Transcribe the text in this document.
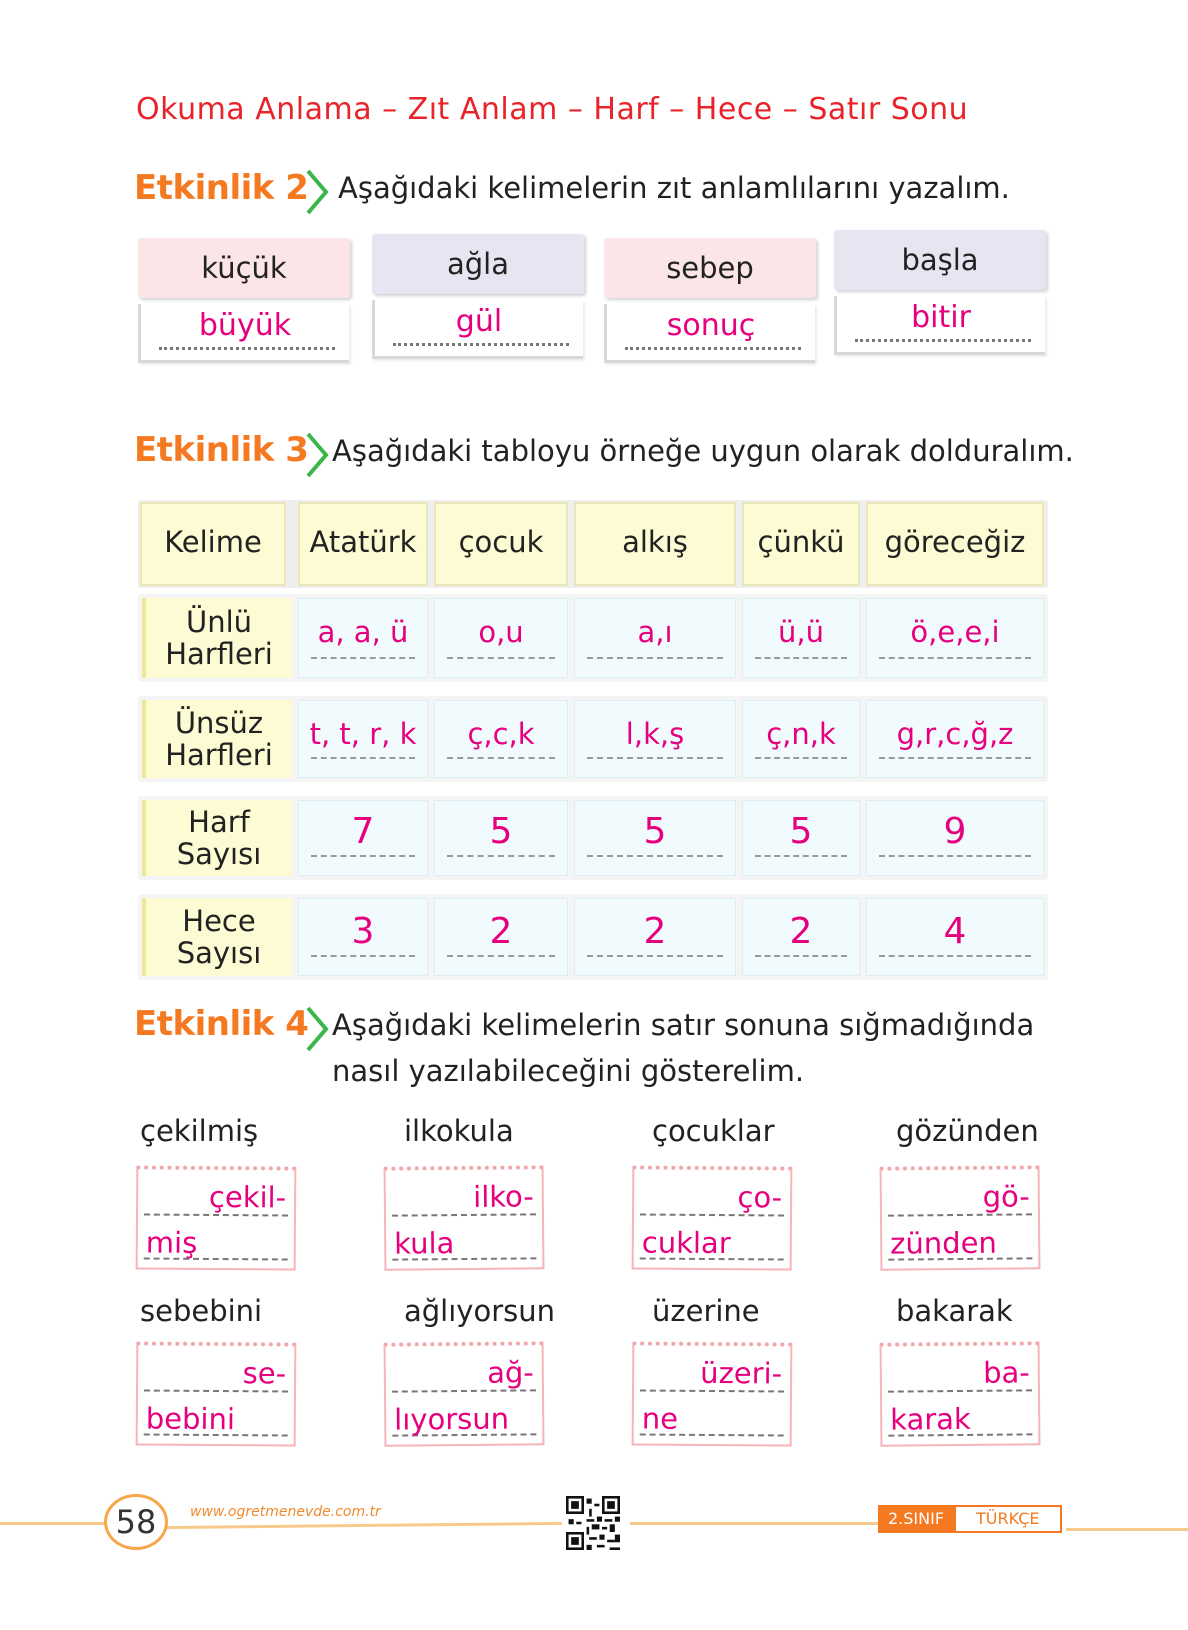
Okuma Anlama – Zıt Anlam – Harf – Hece – Satır Sonu
Etkinlik 2 Aşağıdaki kelimelerin zıt anlamlılarını yazalım.
küçük
büyük
ağla
gül
sebep
sonuç
başla
bitir
Etkinlik 3 Aşağıdaki tabloyu örneğe uygun olarak dolduralım.
Kelime	Atatürk	çocuk	alkış	çünkü	göreceğiz
Ünlü Harfleri
a, a, ü	o,u	a,ı	ü,ü	ö,e,e,i
Ünsüz Harfleri
t, t, r, k	ç,c,k	l,k,ş	ç,n,k	g,r,c,ğ,z
Harf Sayısı
7	5	5	5	9
Hece Sayısı
3	2	2	2	4
Etkinlik 4 Aşağıdaki kelimelerin satır sonuna sığmadığında
nasıl yazılabileceğini gösterelim.
çekilmiş
çekil-
miş
ilkokula
ilko-
kula
çocuklar
ço-
cuklar
gözünden
gö-
zünden
sebebini
se-
bebini
ağlıyorsun
ağ-
lıyorsun
üzerine
üzeri-
ne
bakarak
ba-
karak
58	www.ogretmenevde.com.tr	2.SINIF	TÜRKÇE
